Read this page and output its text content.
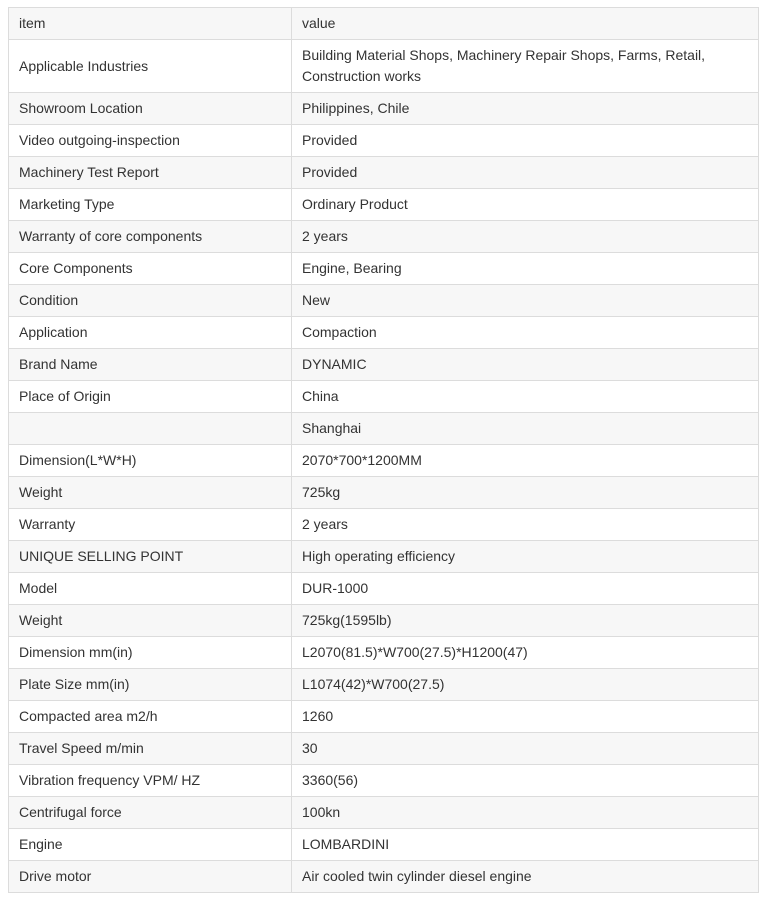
item	value
Applicable Industries	Building Material Shops, Machinery Repair Shops, Farms, Retail, Construction works
Showroom Location	Philippines, Chile
Video outgoing-inspection	Provided
Machinery Test Report	Provided
Marketing Type	Ordinary Product
Warranty of core components	2 years
Core Components	Engine, Bearing
Condition	New
Application	Compaction
Brand Name	DYNAMIC
Place of Origin	China
	Shanghai
Dimension(L*W*H)	2070*700*1200MM
Weight	725kg
Warranty	2 years
UNIQUE SELLING POINT	High operating efficiency
Model	DUR-1000
Weight	725kg(1595lb)
Dimension mm(in)	L2070(81.5)*W700(27.5)*H1200(47)
Plate Size mm(in)	L1074(42)*W700(27.5)
Compacted area m2/h	1260
Travel Speed m/min	30
Vibration frequency VPM/ HZ	3360(56)
Centrifugal force	100kn
Engine	LOMBARDINI
Drive motor	Air cooled twin cylinder diesel engine
